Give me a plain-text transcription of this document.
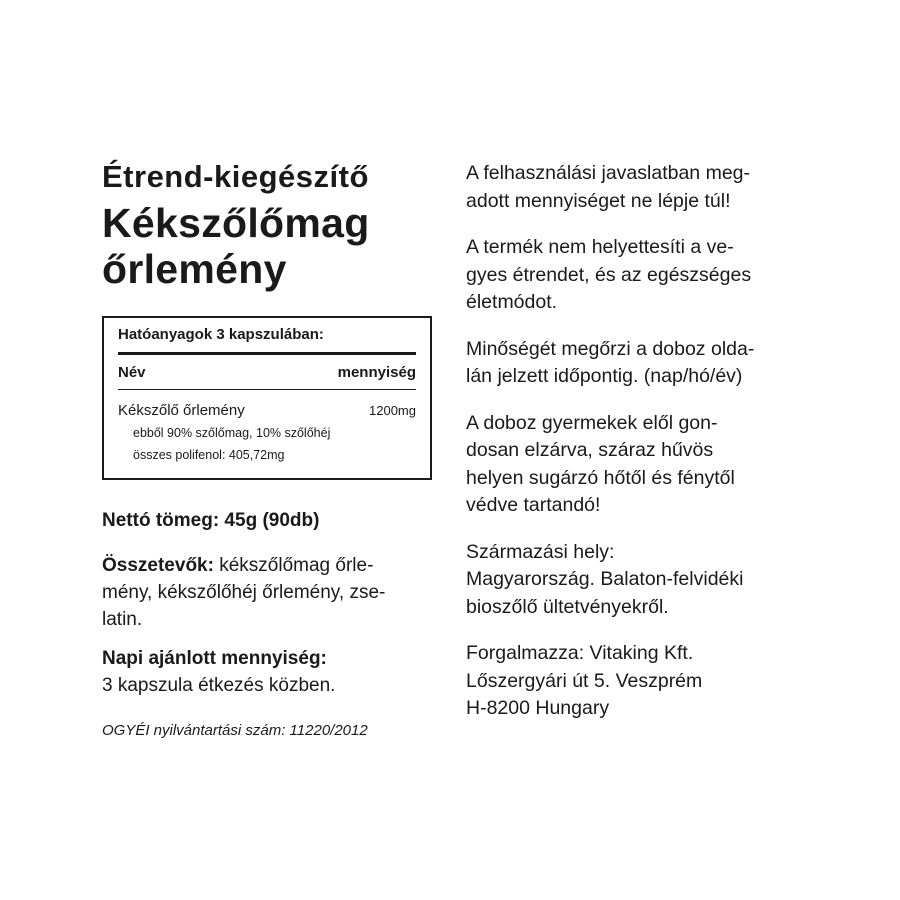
Étrend-kiegészítő
Kékszőlőmag
őrlemény
Hatóanyagok 3 kapszulában:
Név	mennyiség
Kékszőlő őrlemény	1200mg
ebből 90% szőlőmag, 10% szőlőhéj
összes polifenol: 405,72mg
Nettó tömeg: 45g (90db)

Összetevők: kékszőlőmag őrle-
mény, kékszőlőhéj őrlemény, zse-
latin.

Napi ajánlott mennyiség:
3 kapszula étkezés közben.

OGYÉI nyilvántartási szám: 11220/2012

A felhasználási javaslatban meg-
adott mennyiséget ne lépje túl!

A termék nem helyettesíti a ve-
gyes étrendet, és az egészséges
életmódot.

Minőségét megőrzi a doboz olda-
lán jelzett időpontig. (nap/hó/év)

A doboz gyermekek elől gon-
dosan elzárva, száraz hűvös
helyen sugárzó hőtől és fénytől
védve tartandó!

Származási hely:
Magyarország. Balaton-felvidéki
bioszőlő ültetvényekről.

Forgalmazza: Vitaking Kft.
Lőszergyári út 5. Veszprém
H-8200 Hungary
